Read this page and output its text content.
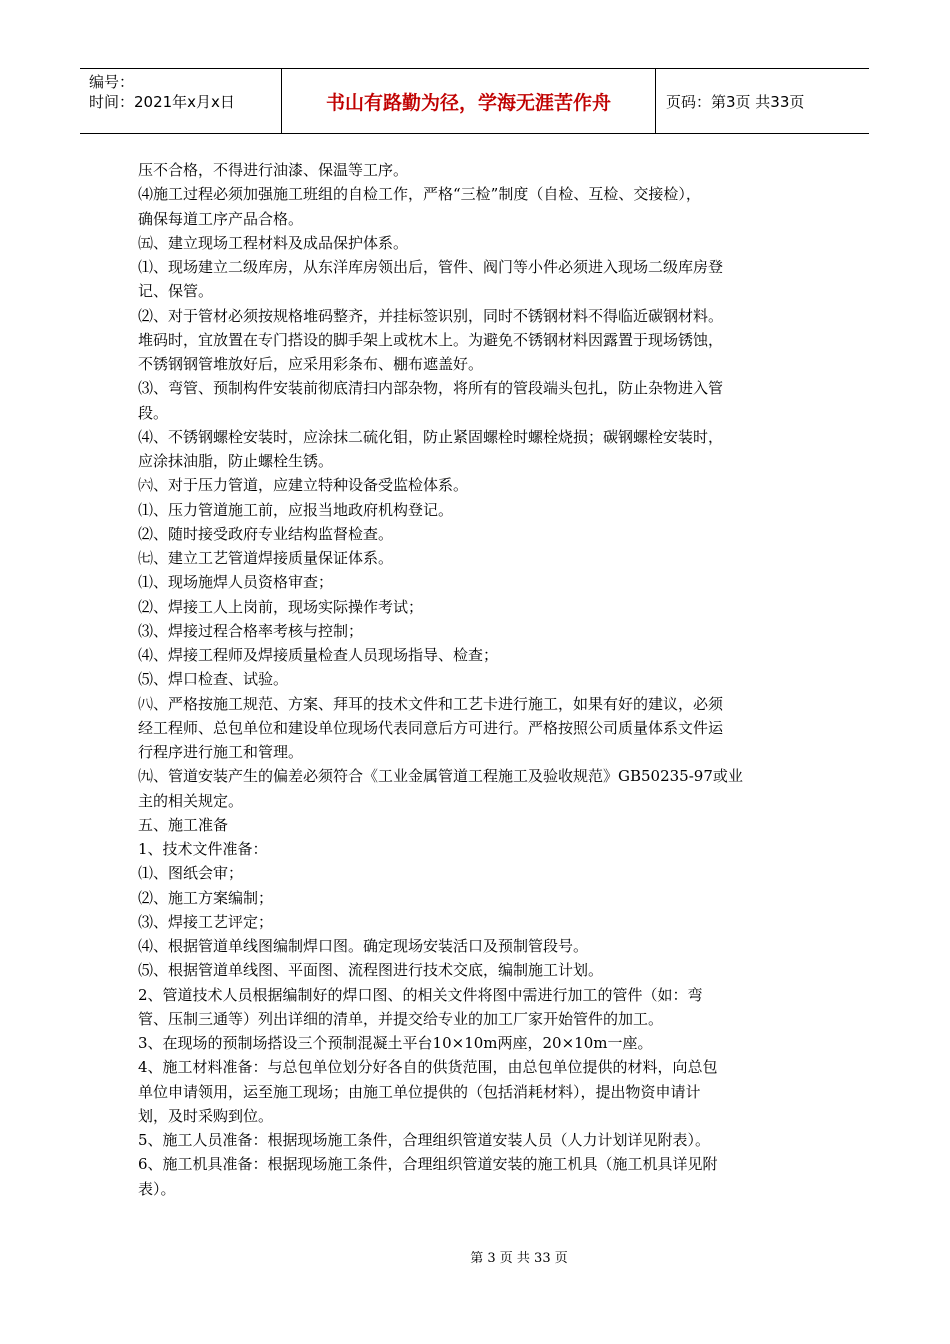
编号：
时间：2021年x月x日	书山有路勤为径，学海无涯苦作舟	页码：第3页 共33页
压不合格，不得进行油漆、保温等工序。
⑷施工过程必须加强施工班组的自检工作，严格“三检”制度（自检、互检、交接检），
确保每道工序产品合格。
㈤、建立现场工程材料及成品保护体系。
⑴、现场建立二级库房，从东洋库房领出后，管件、阀门等小件必须进入现场二级库房登
记、保管。
⑵、对于管材必须按规格堆码整齐，并挂标签识别，同时不锈钢材料不得临近碳钢材料。
堆码时，宜放置在专门搭设的脚手架上或枕木上。为避免不锈钢材料因露置于现场锈蚀，
不锈钢钢管堆放好后，应采用彩条布、棚布遮盖好。
⑶、弯管、预制构件安装前彻底清扫内部杂物，将所有的管段端头包扎，防止杂物进入管
段。
⑷、不锈钢螺栓安装时，应涂抹二硫化钼，防止紧固螺栓时螺栓烧损；碳钢螺栓安装时，
应涂抹油脂，防止螺栓生锈。
㈥、对于压力管道，应建立特种设备受监检体系。
⑴、压力管道施工前，应报当地政府机构登记。
⑵、随时接受政府专业结构监督检查。
㈦、建立工艺管道焊接质量保证体系。
⑴、现场施焊人员资格审查；
⑵、焊接工人上岗前，现场实际操作考试；
⑶、焊接过程合格率考核与控制；
⑷、焊接工程师及焊接质量检查人员现场指导、检查；
⑸、焊口检查、试验。
㈧、严格按施工规范、方案、拜耳的技术文件和工艺卡进行施工，如果有好的建议，必须
经工程师、总包单位和建设单位现场代表同意后方可进行。严格按照公司质量体系文件运
行程序进行施工和管理。
㈨、管道安装产生的偏差必须符合《工业金属管道工程施工及验收规范》GB50235-97或业
主的相关规定。
五、施工准备
1、技术文件准备：
⑴、图纸会审；
⑵、施工方案编制；
⑶、焊接工艺评定；
⑷、根据管道单线图编制焊口图。确定现场安装活口及预制管段号。
⑸、根据管道单线图、平面图、流程图进行技术交底，编制施工计划。
2、管道技术人员根据编制好的焊口图、的相关文件将图中需进行加工的管件（如：弯
管、压制三通等）列出详细的清单，并提交给专业的加工厂家开始管件的加工。
3、在现场的预制场搭设三个预制混凝土平台10×10m两座，20×10m一座。
4、施工材料准备：与总包单位划分好各自的供货范围，由总包单位提供的材料，向总包
单位申请领用，运至施工现场；由施工单位提供的（包括消耗材料），提出物资申请计
划，及时采购到位。
5、施工人员准备：根据现场施工条件，合理组织管道安装人员（人力计划详见附表）。
6、施工机具准备：根据现场施工条件，合理组织管道安装的施工机具（施工机具详见附
表）。
第 3 页 共 33 页
